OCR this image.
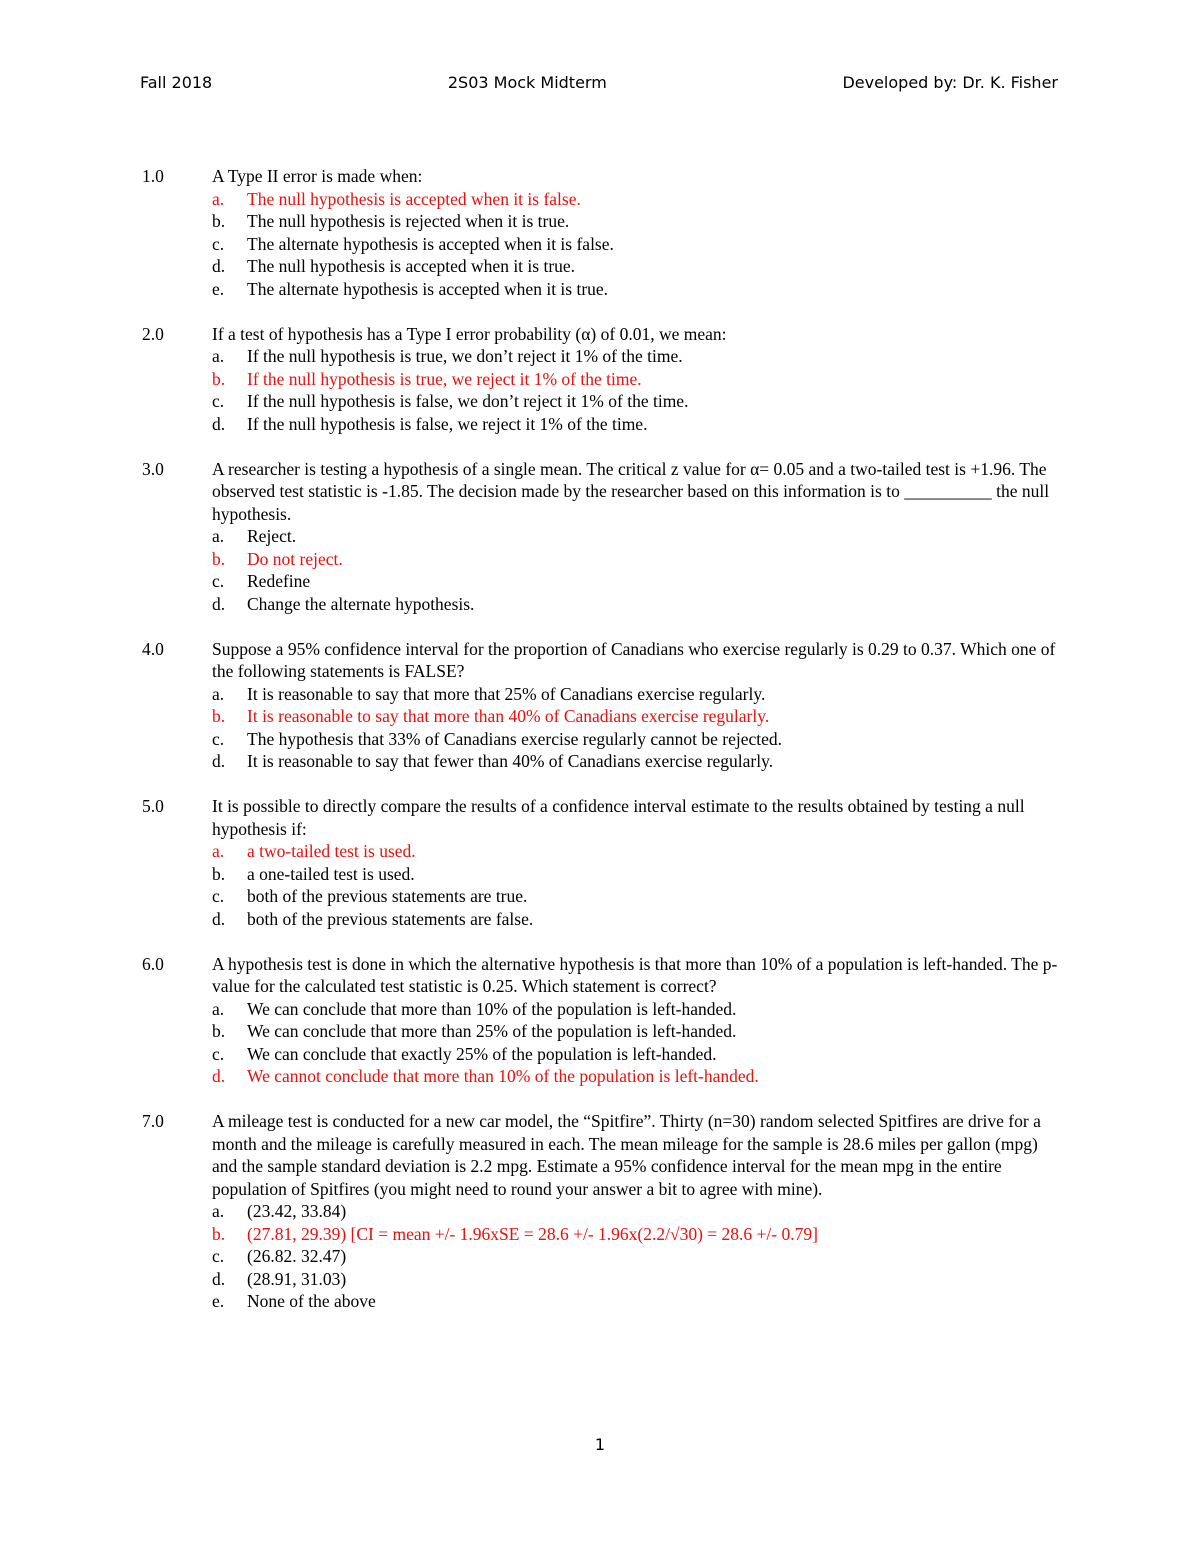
Fall 2018	2S03 Mock Midterm	Developed by: Dr. K. Fisher
1.0	A Type II error is made when:
a. The null hypothesis is accepted when it is false.
b. The null hypothesis is rejected when it is true.
c. The alternate hypothesis is accepted when it is false.
d. The null hypothesis is accepted when it is true.
e. The alternate hypothesis is accepted when it is true.
2.0	If a test of hypothesis has a Type I error probability (α) of 0.01, we mean:
a. If the null hypothesis is true, we don’t reject it 1% of the time.
b. If the null hypothesis is true, we reject it 1% of the time.
c. If the null hypothesis is false, we don’t reject it 1% of the time.
d. If the null hypothesis is false, we reject it 1% of the time.
3.0	A researcher is testing a hypothesis of a single mean. The critical z value for α= 0.05 and a two-tailed test is +1.96. The observed test statistic is -1.85. The decision made by the researcher based on this information is to __________ the null hypothesis.
a. Reject.
b. Do not reject.
c. Redefine
d. Change the alternate hypothesis.
4.0	Suppose a 95% confidence interval for the proportion of Canadians who exercise regularly is 0.29 to 0.37. Which one of the following statements is FALSE?
a. It is reasonable to say that more that 25% of Canadians exercise regularly.
b. It is reasonable to say that more than 40% of Canadians exercise regularly.
c. The hypothesis that 33% of Canadians exercise regularly cannot be rejected.
d. It is reasonable to say that fewer than 40% of Canadians exercise regularly.
5.0	It is possible to directly compare the results of a confidence interval estimate to the results obtained by testing a null hypothesis if:
a. a two-tailed test is used.
b. a one-tailed test is used.
c. both of the previous statements are true.
d. both of the previous statements are false.
6.0	A hypothesis test is done in which the alternative hypothesis is that more than 10% of a population is left-handed. The p-value for the calculated test statistic is 0.25. Which statement is correct?
a. We can conclude that more than 10% of the population is left-handed.
b. We can conclude that more than 25% of the population is left-handed.
c. We can conclude that exactly 25% of the population is left-handed.
d. We cannot conclude that more than 10% of the population is left-handed.
7.0	A mileage test is conducted for a new car model, the “Spitfire”. Thirty (n=30) random selected Spitfires are drive for a month and the mileage is carefully measured in each. The mean mileage for the sample is 28.6 miles per gallon (mpg) and the sample standard deviation is 2.2 mpg. Estimate a 95% confidence interval for the mean mpg in the entire population of Spitfires (you might need to round your answer a bit to agree with mine).
a. (23.42, 33.84)
b. (27.81, 29.39) [CI = mean +/- 1.96xSE = 28.6 +/- 1.96x(2.2/√30) = 28.6 +/- 0.79]
c. (26.82. 32.47)
d. (28.91, 31.03)
e. None of the above
1
